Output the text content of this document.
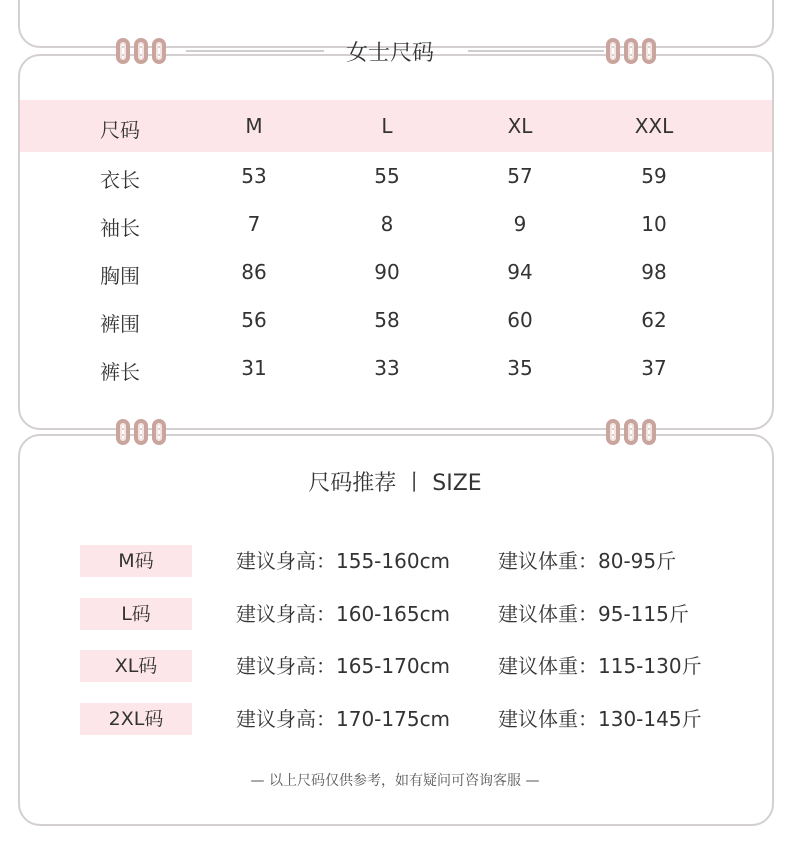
女士尺码
尺码	M	L	XL	XXL
衣长	53	55	57	59
袖长	7	8	9	10
胸围	86	90	94	98
裤围	56	58	60	62
裤长	31	33	35	37
尺码推荐 丨 SIZE
M码	建议身高：155-160cm 建议体重：80-95斤
L码	建议身高：160-165cm 建议体重：95-115斤
XL码	建议身高：165-170cm 建议体重：115-130斤
2XL码	建议身高：170-175cm 建议体重：130-145斤
— 以上尺码仅供参考，如有疑问可咨询客服 —
